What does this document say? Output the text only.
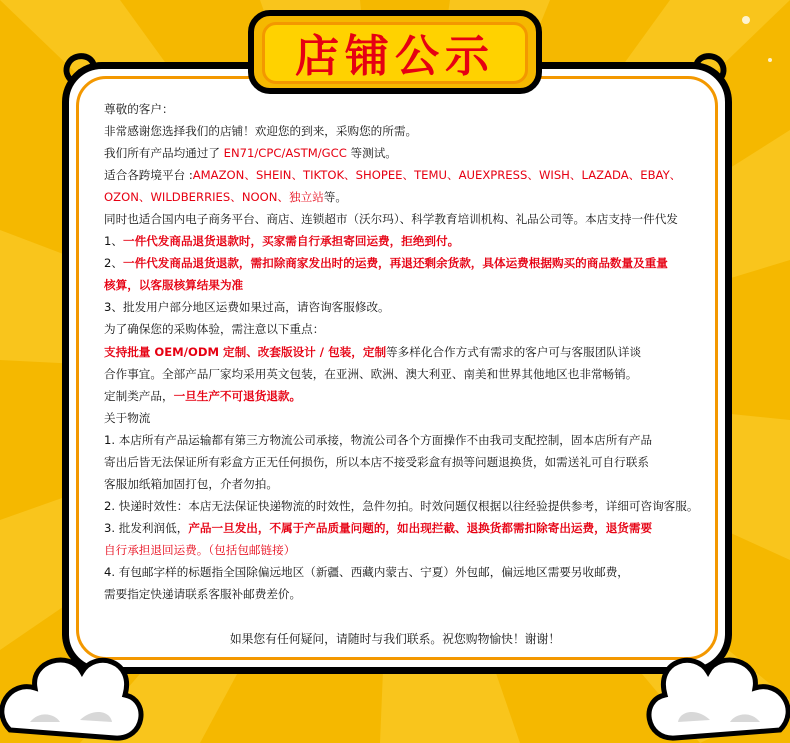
店铺公示

尊敬的客户：

非常感谢您选择我们的店铺！欢迎您的到来，采购您的所需。

我们所有产品均通过了 EN71/CPC/ASTM/GCC 等测试。

适合各跨境平台 :AMAZON、SHEIN、TIKTOK、SHOPEE、TEMU、AUEXPRESS、WISH、LAZADA、EBAY、

OZON、WILDBERRIES、NOON、独立站等。

同时也适合国内电子商务平台、商店、连锁超市（沃尔玛）、科学教育培训机构、礼品公司等。本店支持一件代发

1、一件代发商品退货退款时，买家需自行承担寄回运费，拒绝到付。

2、一件代发商品退货退款，需扣除商家发出时的运费，再退还剩余货款，具体运费根据购买的商品数量及重量

核算，以客服核算结果为准

3、批发用户部分地区运费如果过高，请咨询客服修改。

为了确保您的采购体验，需注意以下重点：

支持批量 OEM/ODM 定制、改套版设计 / 包装，定制等多样化合作方式有需求的客户可与客服团队详谈

合作事宜。全部产品厂家均采用英文包装，在亚洲、欧洲、澳大利亚、南美和世界其他地区也非常畅销。

定制类产品，一旦生产不可退货退款。

关于物流

1. 本店所有产品运输都有第三方物流公司承接，物流公司各个方面操作不由我司支配控制，固本店所有产品

寄出后皆无法保证所有彩盒方正无任何损伤，所以本店不接受彩盒有损等问题退换货，如需送礼可自行联系

客服加纸箱加固打包，介者勿拍。

2. 快递时效性：本店无法保证快递物流的时效性，急件勿拍。时效问题仅根据以往经验提供参考，详细可咨询客服。

3. 批发利润低，产品一旦发出，不属于产品质量问题的，如出现拦截、退换货都需扣除寄出运费，退货需要

自行承担退回运费。（包括包邮链接）

4. 有包邮字样的标题指全国除偏远地区（新疆、西藏内蒙古、宁夏）外包邮，偏远地区需要另收邮费，

需要指定快递请联系客服补邮费差价。

如果您有任何疑问，请随时与我们联系。祝您购物愉快！谢谢！
